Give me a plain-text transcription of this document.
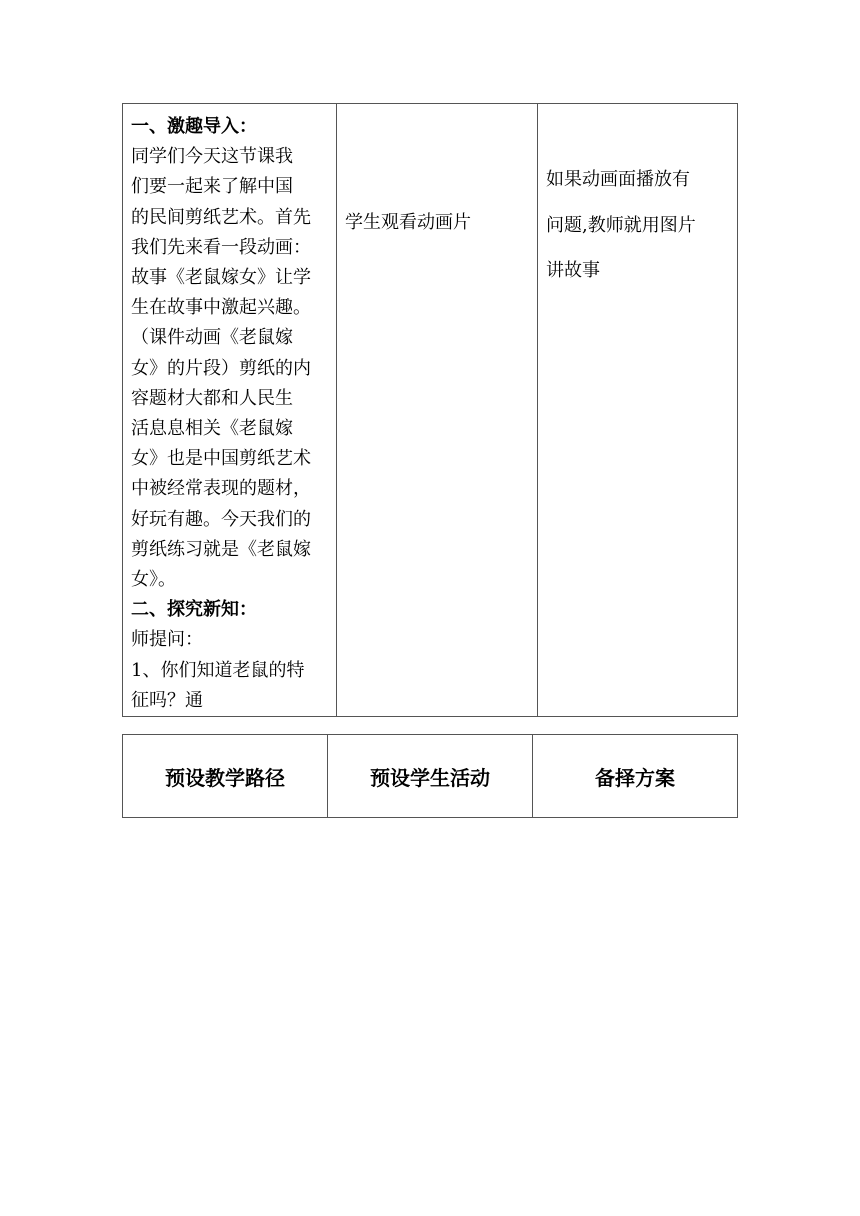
一、激趣导入：
同学们今天这节课我
们要一起来了解中国
的民间剪纸艺术。首先
我们先来看一段动画：
故事《老鼠嫁女》让学
生在故事中激起兴趣。
（课件动画《老鼠嫁
女》的片段）剪纸的内
容题材大都和人民生
活息息相关《老鼠嫁
女》也是中国剪纸艺术
中被经常表现的题材，
好玩有趣。今天我们的
剪纸练习就是《老鼠嫁
女》。
二、探究新知：
师提问：
1、你们知道老鼠的特
征吗？通

学生观看动画片

如果动画面播放有
问题,教师就用图片
讲故事
预设教学路径	预设学生活动	备择方案
